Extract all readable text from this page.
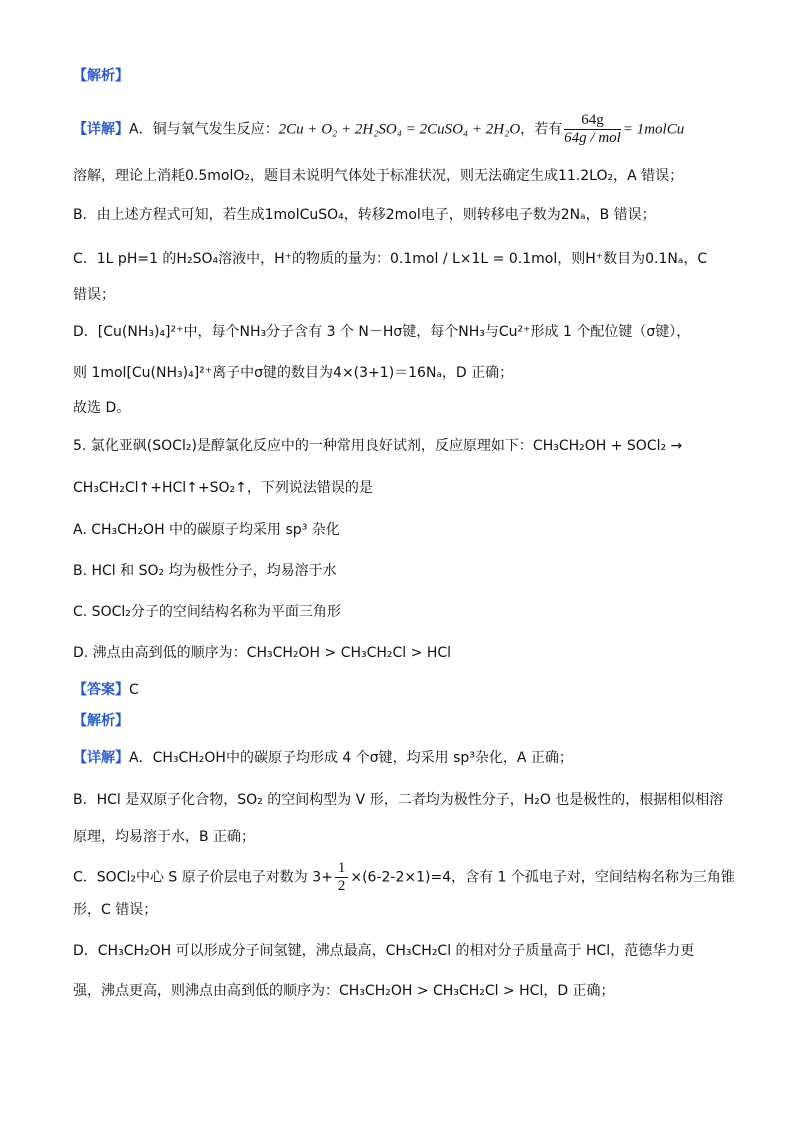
【解析】
【详解】A．铜与氧气发生反应：2Cu + O₂ + 2H₂SO₄ = 2CuSO₄ + 2H₂O，若有 $\frac{64g}{\text{64g / mol}}$ = 1molCu
溶解，理论上消耗0.5molO₂，题目未说明气体处于标准状况，则无法确定生成11.2LO₂，A 错误；
B．由上述方程式可知，若生成1molCuSO₄，转移2mol电子，则转移电子数为2Nₐ，B 错误；
C．1L pH=1 的H₂SO₄溶液中，H⁺的物质的量为：0.1mol / L×1L = 0.1mol，则H⁺数目为0.1Nₐ，C
错误；
D．[Cu(NH₃)₄]²⁺中，每个NH₃分子含有 3 个 N－Hσ键，每个NH₃与Cu²⁺形成 1 个配位键（σ键），
则 1mol[Cu(NH₃)₄]²⁺离子中σ键的数目为4×(3+1)＝16Nₐ，D 正确；
故选 D。
5. 氯化亚砜(SOCl₂)是醇氯化反应中的一种常用良好试剂，反应原理如下：CH₃CH₂OH + SOCl₂ →
CH₃CH₂Cl↑+HCl↑+SO₂↑，下列说法错误的是
A. CH₃CH₂OH 中的碳原子均采用 sp³ 杂化
B. HCl 和 SO₂ 均为极性分子，均易溶于水
C. SOCl₂分子的空间结构名称为平面三角形
D. 沸点由高到低的顺序为：CH₃CH₂OH > CH₃CH₂Cl > HCl
【答案】C
【解析】
【详解】A．CH₃CH₂OH中的碳原子均形成 4 个σ键，均采用 sp³杂化，A 正确；
B．HCl 是双原子化合物，SO₂ 的空间构型为 V 形，二者均为极性分子，H₂O 也是极性的，根据相似相溶
原理，均易溶于水，B 正确；
C．SOCl₂中心 S 原子价层电子对数为 $3+ \frac{1}{2} \times(6-2-2\times 1)=4$，含有 1 个孤电子对，空间结构名称为三角锥
形，C 错误；
D．CH₃CH₂OH 可以形成分子间氢键，沸点最高，CH₃CH₂Cl 的相对分子质量高于 HCl，范德华力更
强，沸点更高，则沸点由高到低的顺序为：CH₃CH₂OH > CH₃CH₂Cl > HCl，D 正确；
